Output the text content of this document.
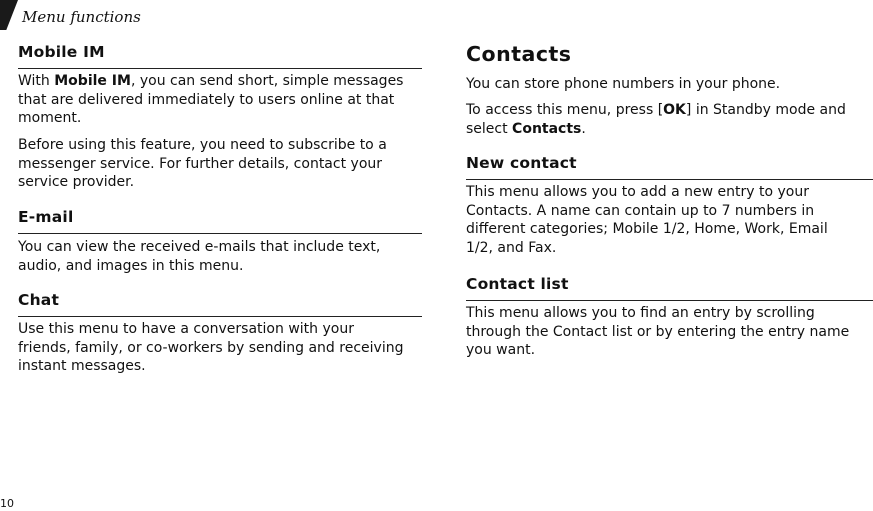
Menu functions
Mobile IM
With Mobile IM, you can send short, simple messages
that are delivered immediately to users online at that
moment.
Before using this feature, you need to subscribe to a
messenger service. For further details, contact your
service provider.
E-mail
You can view the received e-mails that include text,
audio, and images in this menu.
Chat
Use this menu to have a conversation with your
friends, family, or co-workers by sending and receiving
instant messages.
Contacts
You can store phone numbers in your phone.
To access this menu, press [OK] in Standby mode and
select Contacts.
New contact
This menu allows you to add a new entry to your
Contacts. A name can contain up to 7 numbers in
different categories; Mobile 1/2, Home, Work, Email
1/2, and Fax.
Contact list
This menu allows you to find an entry by scrolling
through the Contact list or by entering the entry name
you want.
10
